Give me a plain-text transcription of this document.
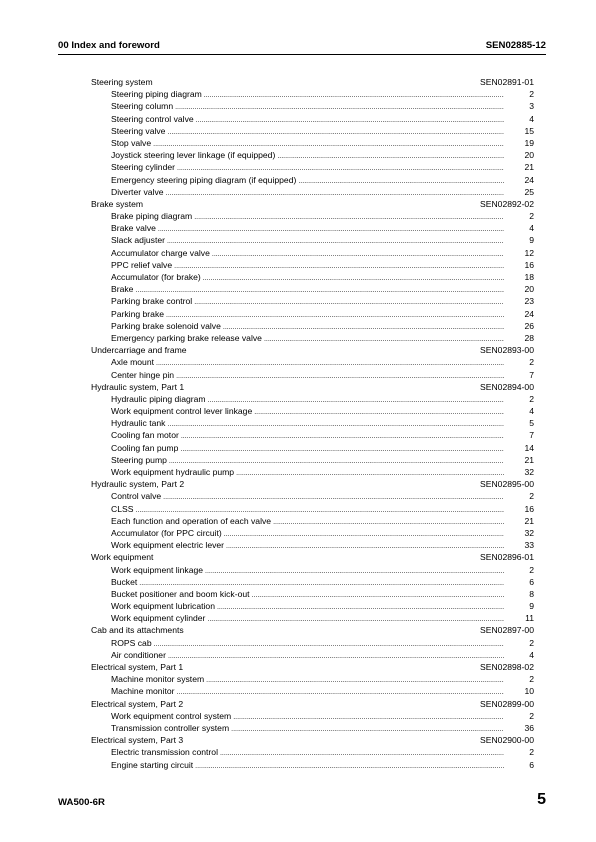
00 Index and foreword	SEN02885-12
Steering system	SEN02891-01
Steering piping diagram .....	2
Steering column .....	3
Steering control valve .....	4
Steering valve .....	15
Stop valve .....	19
Joystick steering lever linkage (if equipped) .....	20
Steering cylinder .....	21
Emergency steering piping diagram (if equipped) .....	24
Diverter valve .....	25
Brake system	SEN02892-02
Brake piping diagram .....	2
Brake valve .....	4
Slack adjuster .....	9
Accumulator charge valve .....	12
PPC relief valve .....	16
Accumulator (for brake) .....	18
Brake .....	20
Parking brake control .....	23
Parking brake .....	24
Parking brake solenoid valve .....	26
Emergency parking brake release valve .....	28
Undercarriage and frame	SEN02893-00
Axle mount .....	2
Center hinge pin .....	7
Hydraulic system, Part 1	SEN02894-00
Hydraulic piping diagram .....	2
Work equipment control lever linkage .....	4
Hydraulic tank .....	5
Cooling fan motor .....	7
Cooling fan pump .....	14
Steering pump .....	21
Work equipment hydraulic pump .....	32
Hydraulic system, Part 2	SEN02895-00
Control valve .....	2
CLSS .....	16
Each function and operation of each valve .....	21
Accumulator (for PPC circuit) .....	32
Work equipment electric lever .....	33
Work equipment	SEN02896-01
Work equipment linkage .....	2
Bucket .....	6
Bucket positioner and boom kick-out .....	8
Work equipment lubrication .....	9
Work equipment cylinder .....	11
Cab and its attachments	SEN02897-00
ROPS cab .....	2
Air conditioner .....	4
Electrical system, Part 1	SEN02898-02
Machine monitor system .....	2
Machine monitor .....	10
Electrical system, Part 2	SEN02899-00
Work equipment control system .....	2
Transmission controller system .....	36
Electrical system, Part 3	SEN02900-00
Electric transmission control .....	2
Engine starting circuit .....	6
WA500-6R	5
